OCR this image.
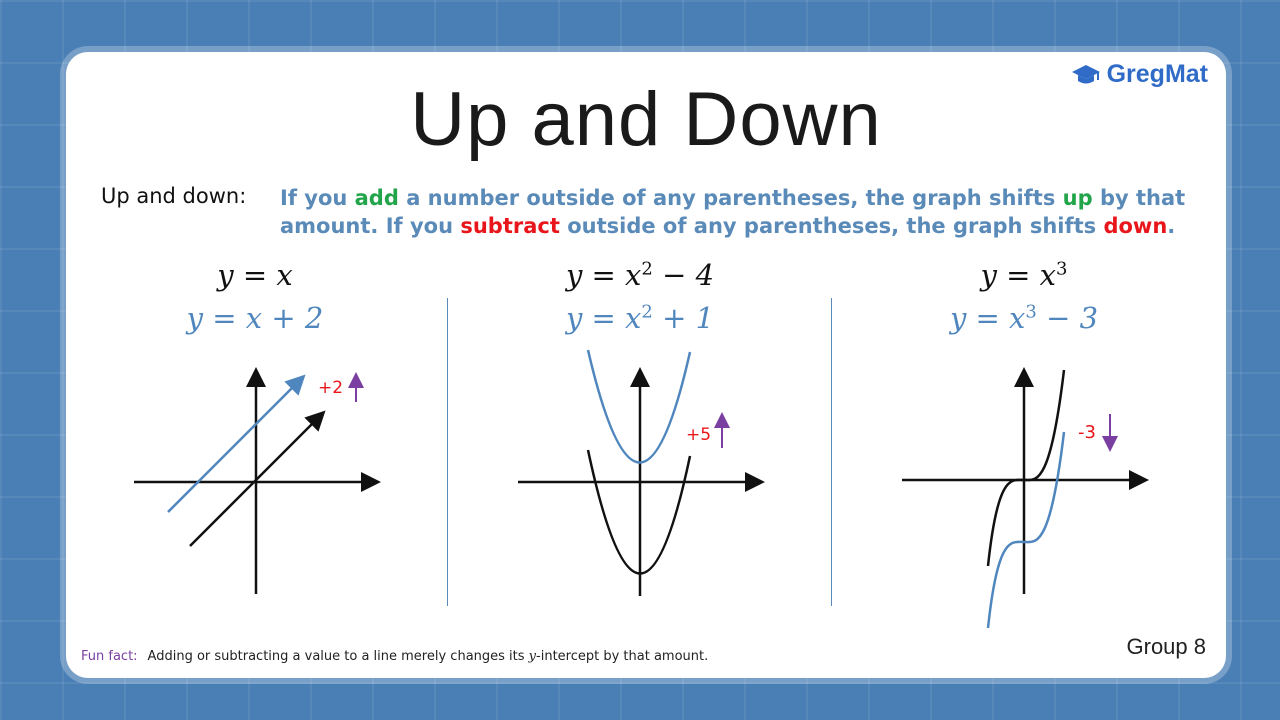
GregMat
Up and Down
Up and down: If you add a number outside of any parentheses, the graph shifts up by that amount. If you subtract outside of any parentheses, the graph shifts down.
y = x
y = x + 2
$y = x^2 - 4$
$y = x^2 + 1$
$y = x^3$
$y = x^3 - 3$
+2
+5	-3
Fun fact: Adding or subtracting a value to a line merely changes its y-intercept by that amount.	Group 8
